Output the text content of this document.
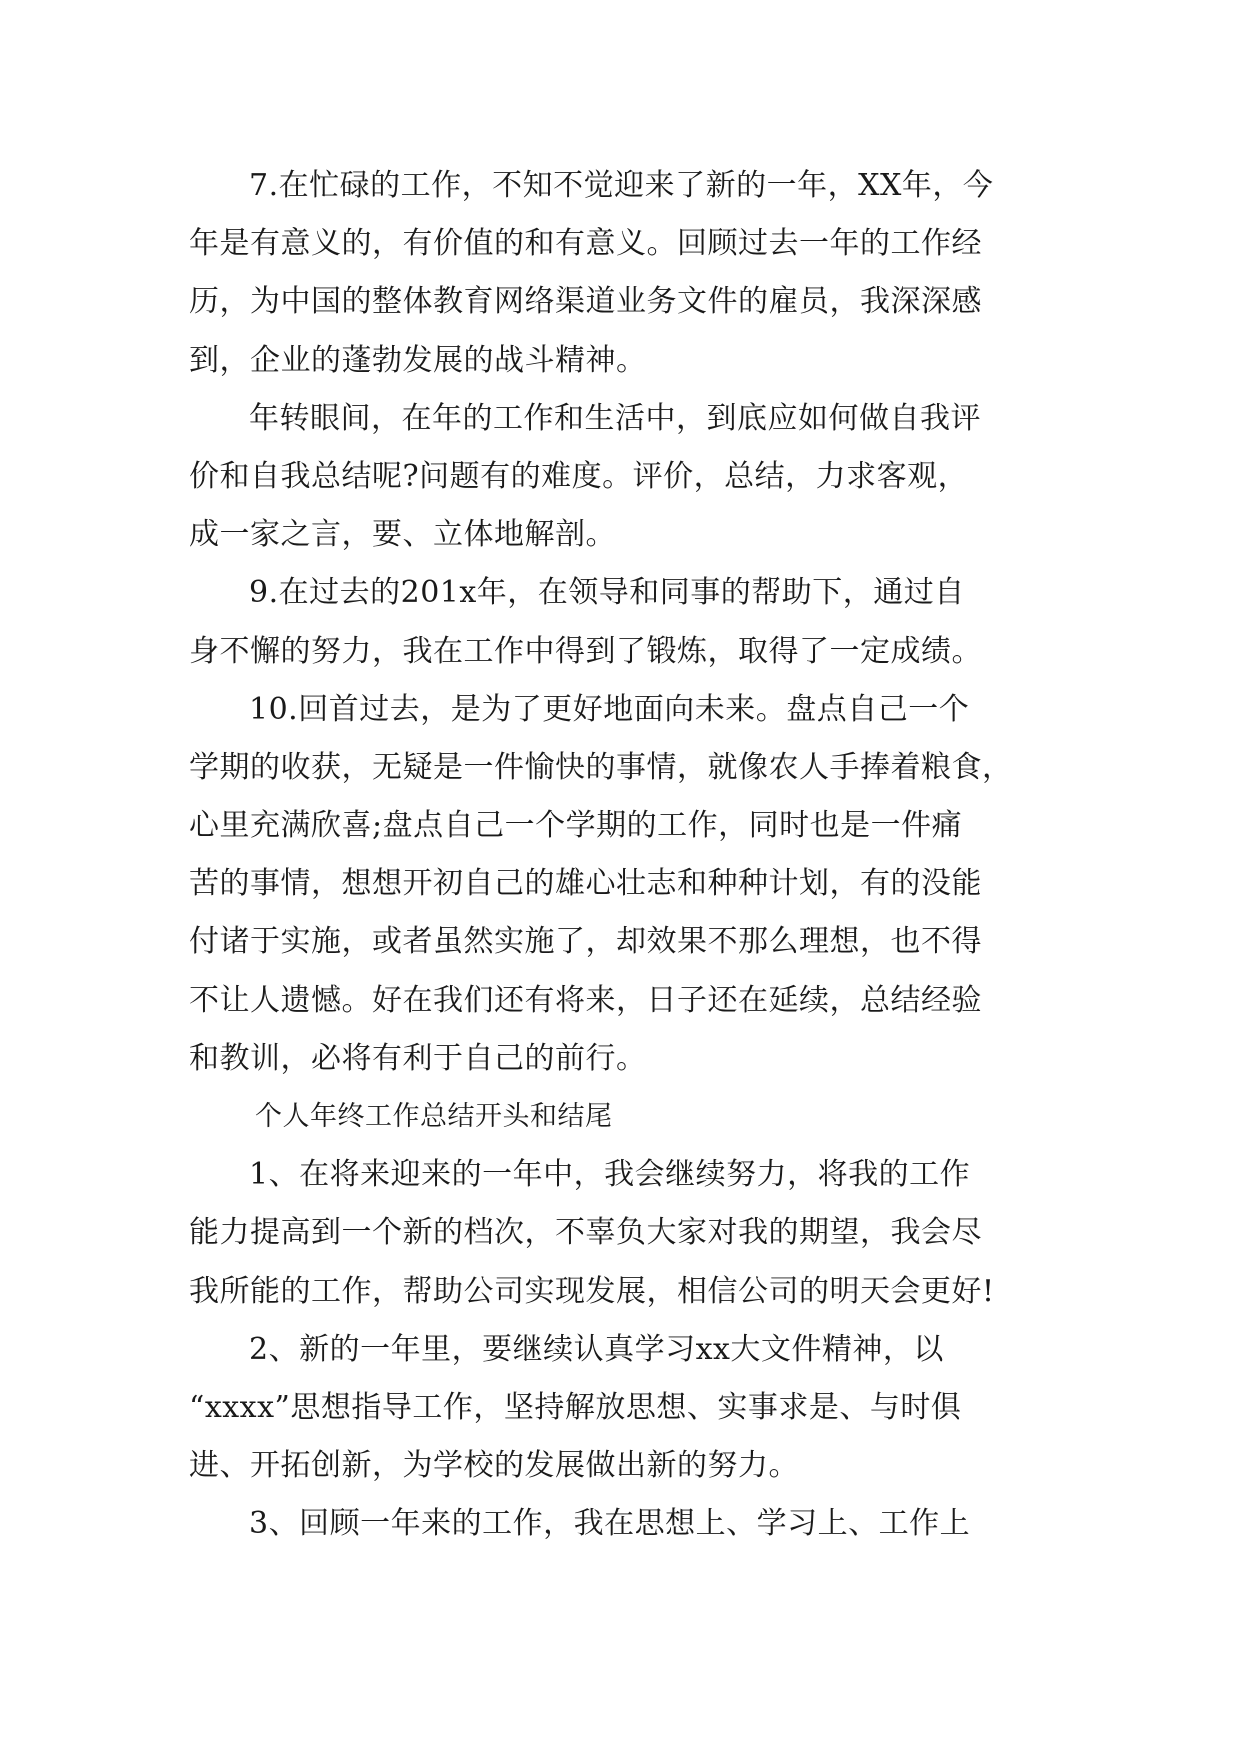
7.在忙碌的工作，不知不觉迎来了新的一年，XX年，今
年是有意义的，有价值的和有意义。回顾过去一年的工作经
历，为中国的整体教育网络渠道业务文件的雇员，我深深感
到，企业的蓬勃发展的战斗精神。
年转眼间，在年的工作和生活中，到底应如何做自我评
价和自我总结呢?问题有的难度。评价，总结，力求客观，
成一家之言，要、立体地解剖。
9.在过去的201x年，在领导和同事的帮助下，通过自
身不懈的努力，我在工作中得到了锻炼，取得了一定成绩。
10.回首过去，是为了更好地面向未来。盘点自己一个
学期的收获，无疑是一件愉快的事情，就像农人手捧着粮食，
心里充满欣喜;盘点自己一个学期的工作，同时也是一件痛
苦的事情，想想开初自己的雄心壮志和种种计划，有的没能
付诸于实施，或者虽然实施了，却效果不那么理想，也不得
不让人遗憾。好在我们还有将来，日子还在延续，总结经验
和教训，必将有利于自己的前行。
个人年终工作总结开头和结尾
1、在将来迎来的一年中，我会继续努力，将我的工作
能力提高到一个新的档次，不辜负大家对我的期望，我会尽
我所能的工作，帮助公司实现发展，相信公司的明天会更好!
2、新的一年里，要继续认真学习xx大文件精神，以
“xxxx”思想指导工作，坚持解放思想、实事求是、与时俱
进、开拓创新，为学校的发展做出新的努力。
3、回顾一年来的工作，我在思想上、学习上、工作上
